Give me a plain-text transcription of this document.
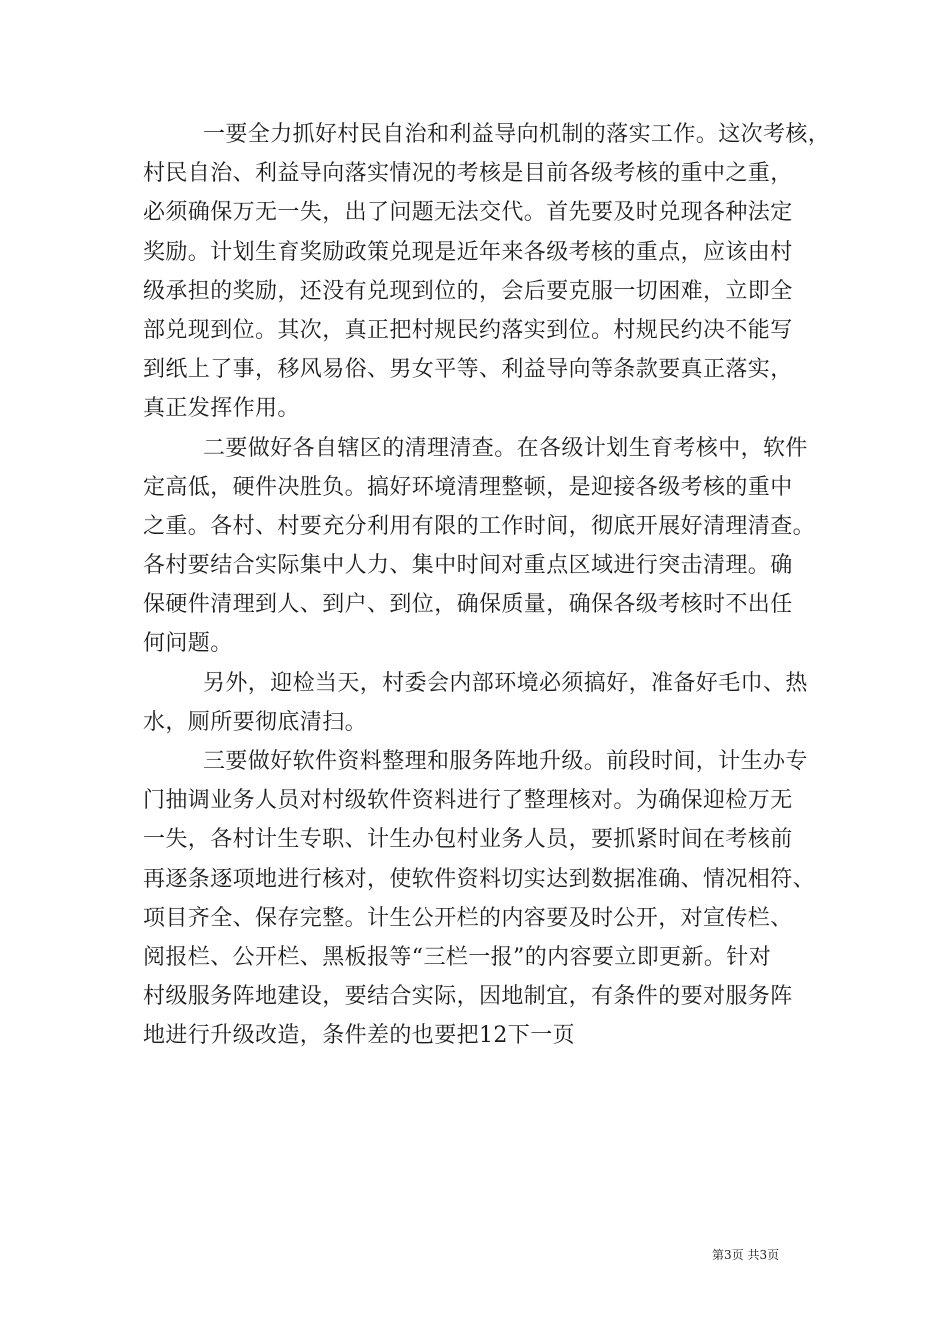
一要全力抓好村民自治和利益导向机制的落实工作。这次考核，
村民自治、利益导向落实情况的考核是目前各级考核的重中之重，
必须确保万无一失，出了问题无法交代。首先要及时兑现各种法定
奖励。计划生育奖励政策兑现是近年来各级考核的重点，应该由村
级承担的奖励，还没有兑现到位的，会后要克服一切困难，立即全
部兑现到位。其次，真正把村规民约落实到位。村规民约决不能写
到纸上了事，移风易俗、男女平等、利益导向等条款要真正落实，
真正发挥作用。
二要做好各自辖区的清理清查。在各级计划生育考核中，软件
定高低，硬件决胜负。搞好环境清理整顿，是迎接各级考核的重中
之重。各村、村要充分利用有限的工作时间，彻底开展好清理清查。
各村要结合实际集中人力、集中时间对重点区域进行突击清理。确
保硬件清理到人、到户、到位，确保质量，确保各级考核时不出任
何问题。
另外，迎检当天，村委会内部环境必须搞好，准备好毛巾、热
水，厕所要彻底清扫。
三要做好软件资料整理和服务阵地升级。前段时间，计生办专
门抽调业务人员对村级软件资料进行了整理核对。为确保迎检万无
一失，各村计生专职、计生办包村业务人员，要抓紧时间在考核前
再逐条逐项地进行核对，使软件资料切实达到数据准确、情况相符、
项目齐全、保存完整。计生公开栏的内容要及时公开，对宣传栏、
阅报栏、公开栏、黑板报等“三栏一报”的内容要立即更新。针对
村级服务阵地建设，要结合实际，因地制宜，有条件的要对服务阵
地进行升级改造，条件差的也要把12下一页
第3页 共3页
